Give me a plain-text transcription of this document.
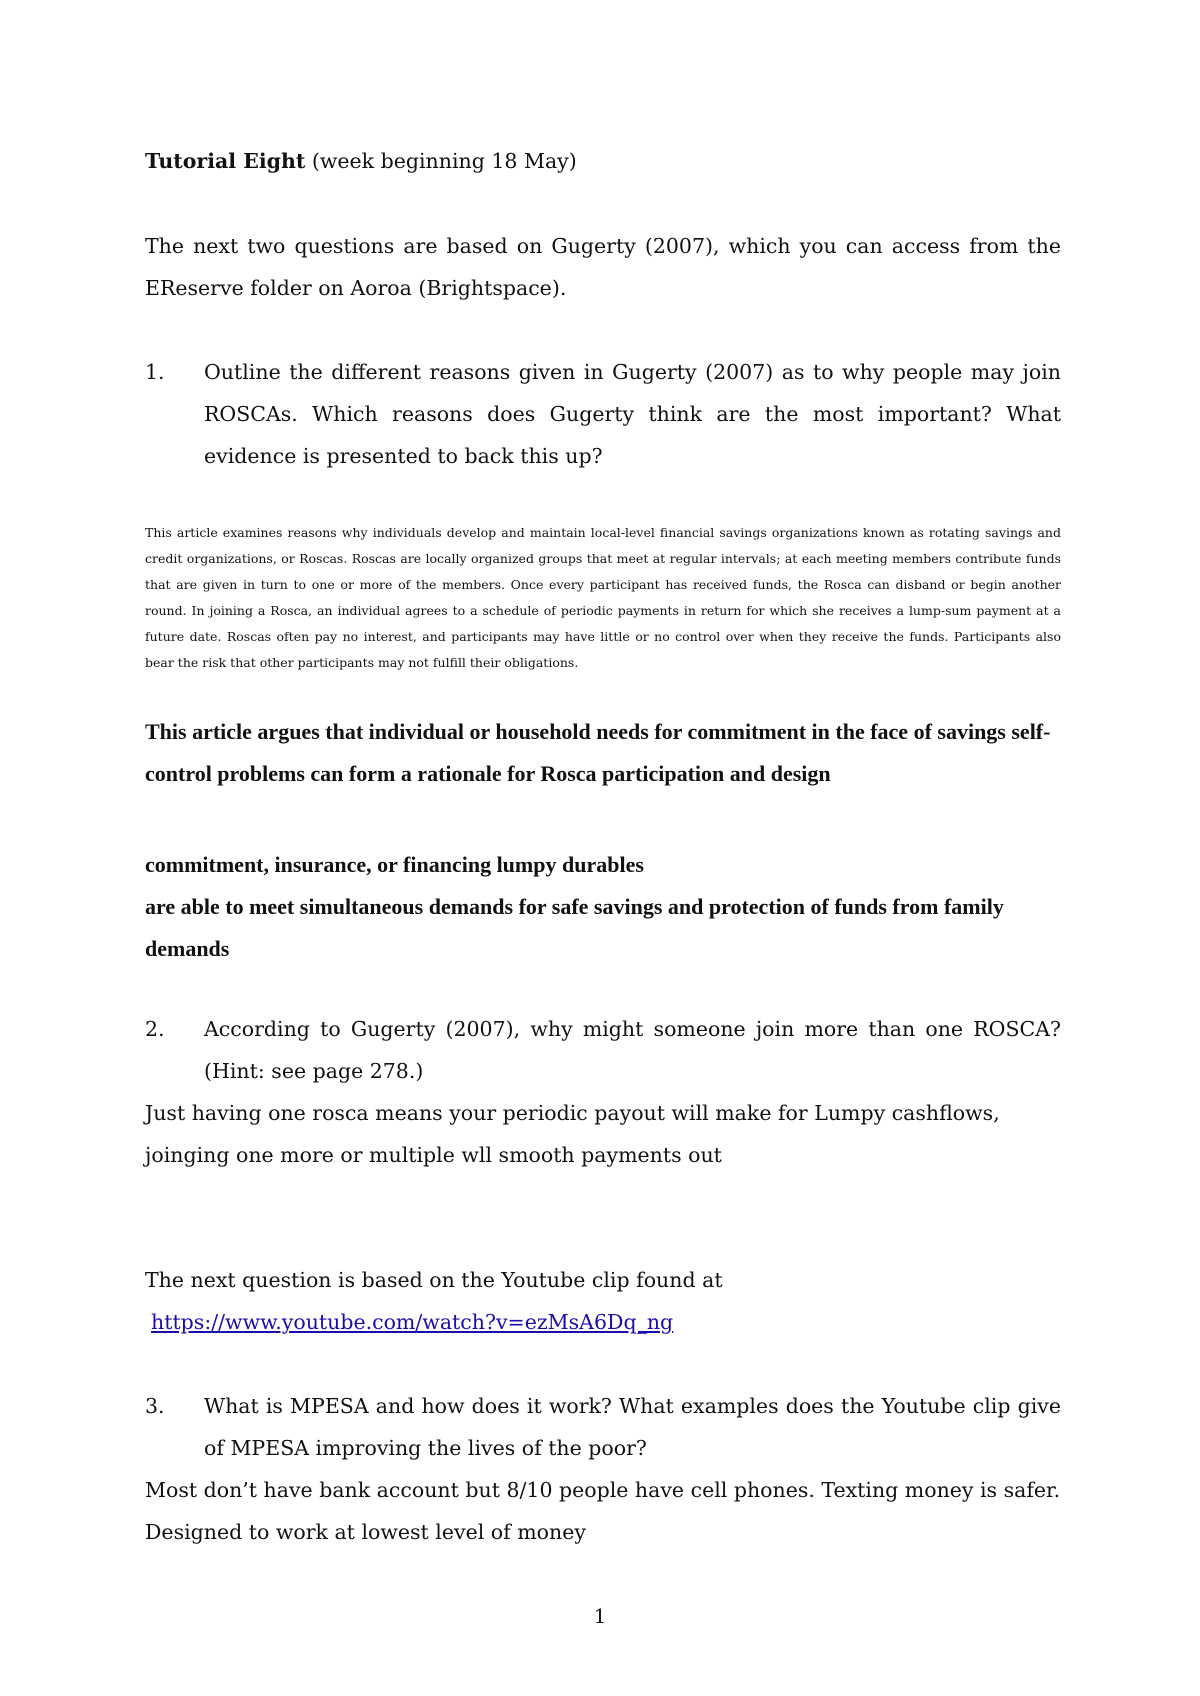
Tutorial Eight (week beginning 18 May)

The next two questions are based on Gugerty (2007), which you can access from the EReserve folder on Aoroa (Brightspace).

1. Outline the different reasons given in Gugerty (2007) as to why people may join ROSCAs. Which reasons does Gugerty think are the most important? What evidence is presented to back this up?

This article examines reasons why individuals develop and maintain local-level financial savings organizations known as rotating savings and credit organizations, or Roscas. Roscas are locally organized groups that meet at regular intervals; at each meeting members contribute funds that are given in turn to one or more of the members. Once every participant has received funds, the Rosca can disband or begin another round. In joining a Rosca, an individual agrees to a schedule of periodic payments in return for which she receives a lump-sum payment at a future date. Roscas often pay no interest, and participants may have little or no control over when they receive the funds. Participants also bear the risk that other participants may not fulfill their obligations.

This article argues that individual or household needs for commitment in the face of savings self-control problems can form a rationale for Rosca participation and design

commitment, insurance, or financing lumpy durables
are able to meet simultaneous demands for safe savings and protection of funds from family demands
2. According to Gugerty (2007), why might someone join more than one ROSCA? (Hint: see page 278.)

Just having one rosca means your periodic payout will make for Lumpy cashflows, joinging one more or multiple wll smooth payments out

The next question is based on the Youtube clip found at

https://www.youtube.com/watch?v=ezMsA6Dq_ng

3. What is MPESA and how does it work? What examples does the Youtube clip give of MPESA improving the lives of the poor?
Most don’t have bank account but 8/10 people have cell phones. Texting money is safer.
Designed to work at lowest level of money
1
